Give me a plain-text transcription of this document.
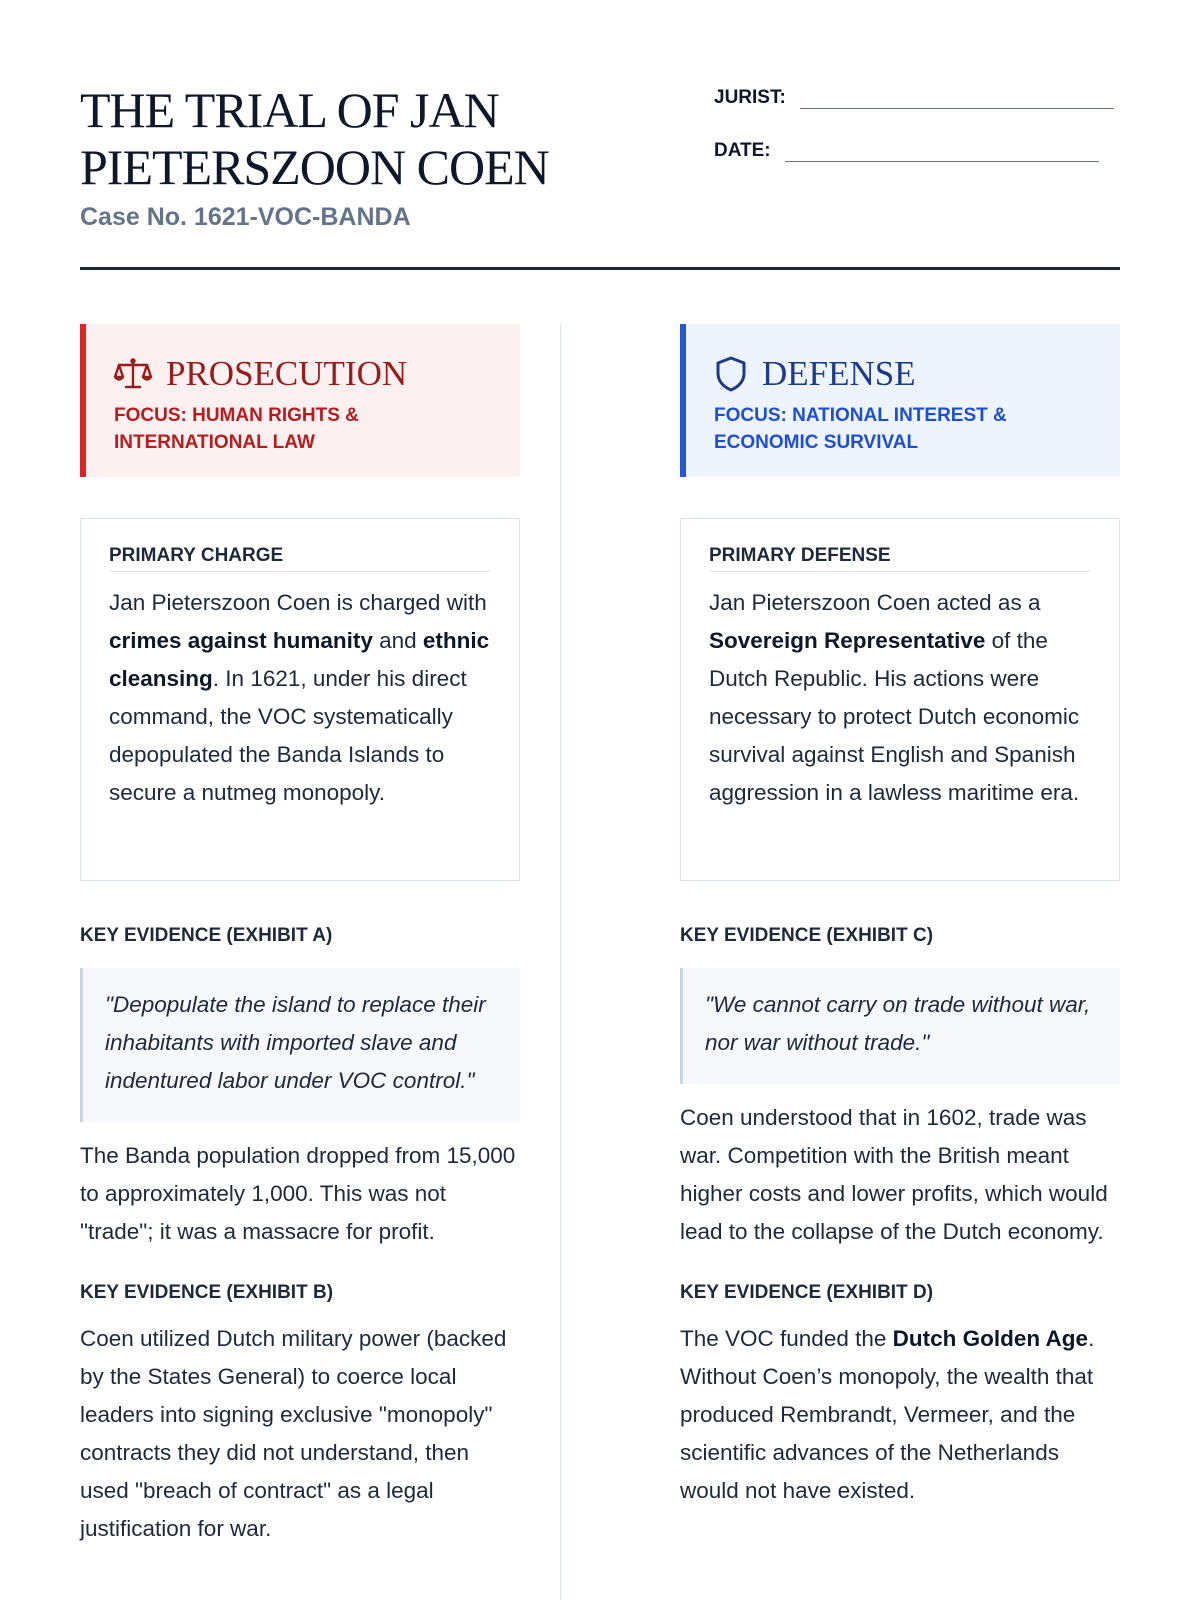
THE TRIAL OF JAN PIETERSZOON COEN
Case No. 1621-VOC-BANDA
JURIST:
DATE:
PROSECUTION
FOCUS: HUMAN RIGHTS & INTERNATIONAL LAW
PRIMARY CHARGE
Jan Pieterszoon Coen is charged with crimes against humanity and ethnic cleansing. In 1621, under his direct command, the VOC systematically depopulated the Banda Islands to secure a nutmeg monopoly.
KEY EVIDENCE (EXHIBIT A)
"Depopulate the island to replace their inhabitants with imported slave and indentured labor under VOC control."
The Banda population dropped from 15,000 to approximately 1,000. This was not "trade"; it was a massacre for profit.
KEY EVIDENCE (EXHIBIT B)
Coen utilized Dutch military power (backed by the States General) to coerce local leaders into signing exclusive "monopoly" contracts they did not understand, then used "breach of contract" as a legal justification for war.
DEFENSE
FOCUS: NATIONAL INTEREST & ECONOMIC SURVIVAL
PRIMARY DEFENSE
Jan Pieterszoon Coen acted as a Sovereign Representative of the Dutch Republic. His actions were necessary to protect Dutch economic survival against English and Spanish aggression in a lawless maritime era.
KEY EVIDENCE (EXHIBIT C)
"We cannot carry on trade without war, nor war without trade."
Coen understood that in 1602, trade was war. Competition with the British meant higher costs and lower profits, which would lead to the collapse of the Dutch economy.
KEY EVIDENCE (EXHIBIT D)
The VOC funded the Dutch Golden Age. Without Coen’s monopoly, the wealth that produced Rembrandt, Vermeer, and the scientific advances of the Netherlands would not have existed.
